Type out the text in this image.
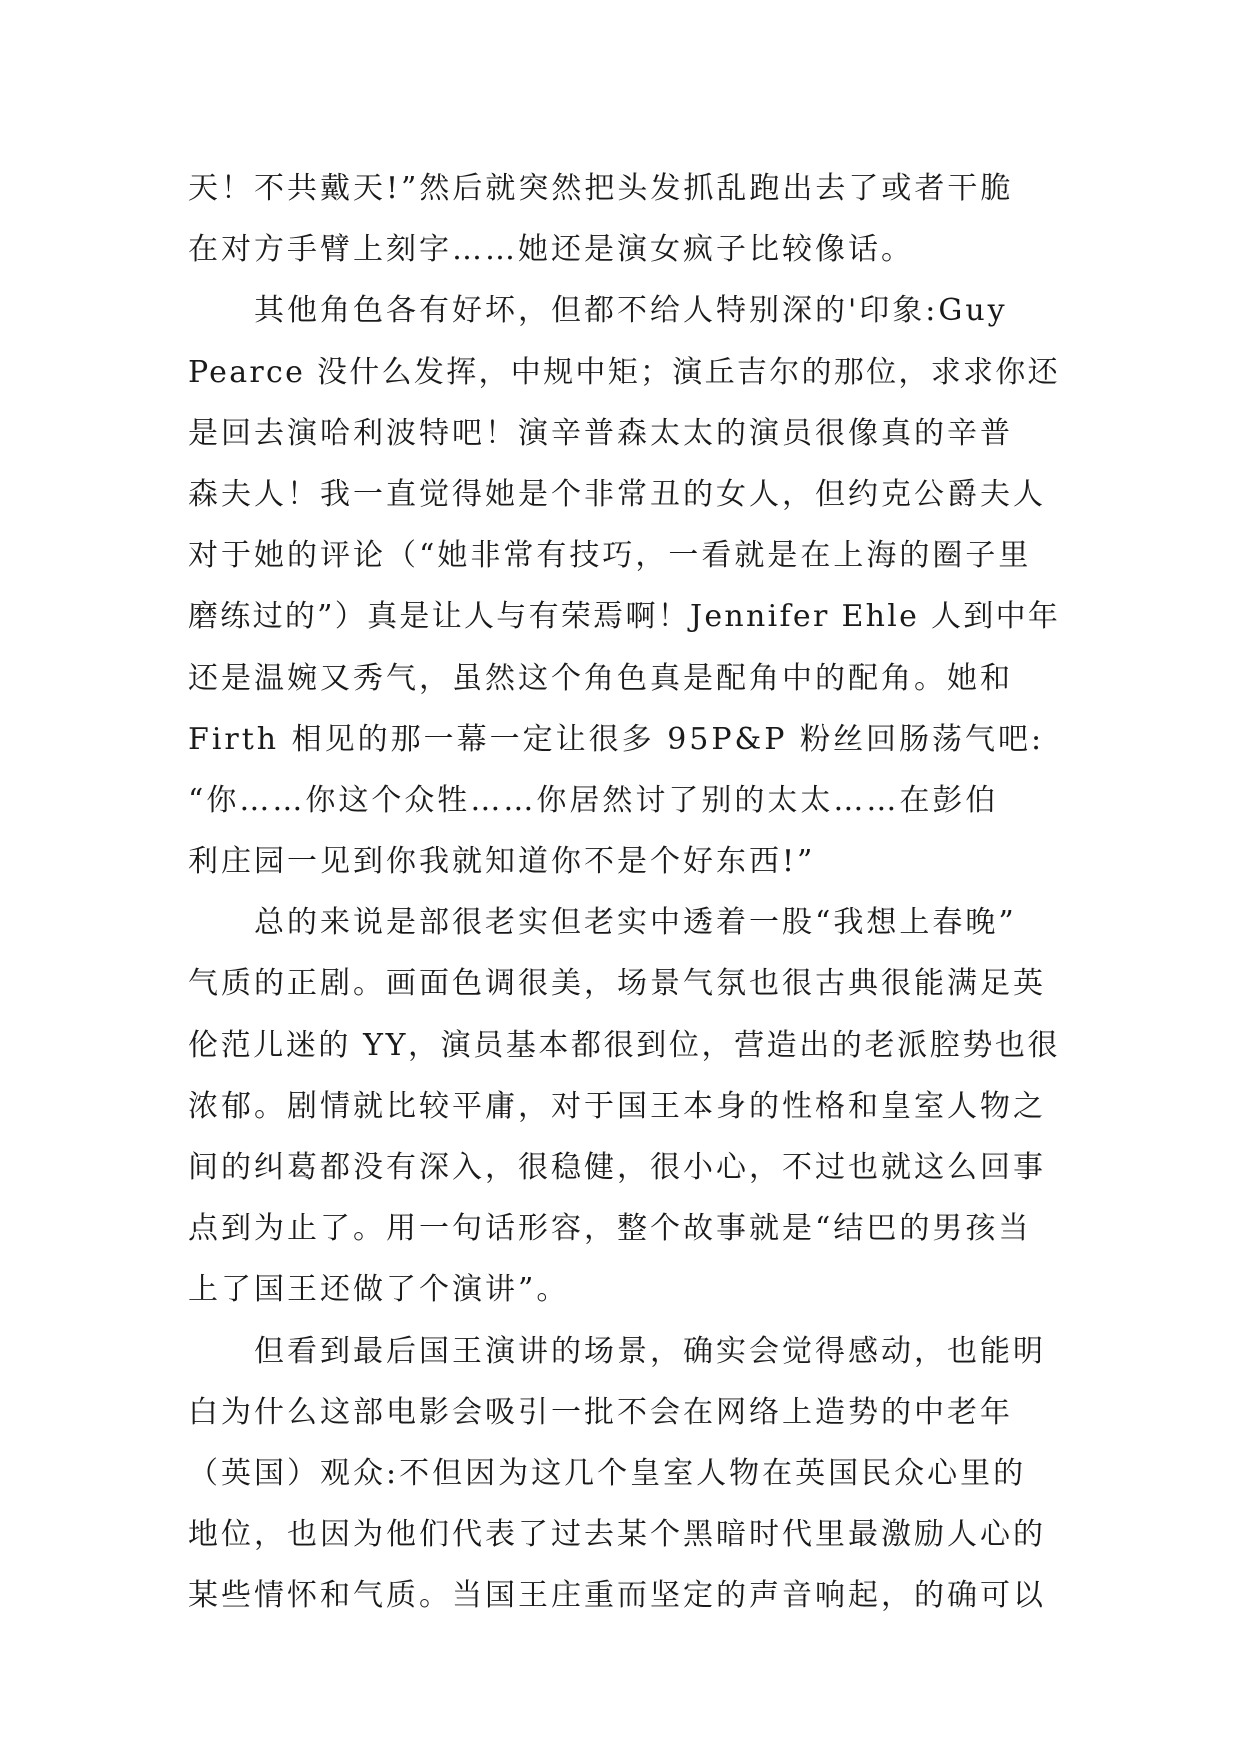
天！不共戴天!”然后就突然把头发抓乱跑出去了或者干脆
在对方手臂上刻字……她还是演女疯子比较像话。
其他角色各有好坏，但都不给人特别深的'印象:Guy
Pearce 没什么发挥，中规中矩；演丘吉尔的那位，求求你还
是回去演哈利波特吧！演辛普森太太的演员很像真的辛普
森夫人！我一直觉得她是个非常丑的女人，但约克公爵夫人
对于她的评论（“她非常有技巧，一看就是在上海的圈子里
磨练过的”）真是让人与有荣焉啊！Jennifer Ehle 人到中年
还是温婉又秀气，虽然这个角色真是配角中的配角。她和
Firth 相见的那一幕一定让很多 95P&P 粉丝回肠荡气吧:
“你……你这个众牲……你居然讨了别的太太……在彭伯
利庄园一见到你我就知道你不是个好东西!”
总的来说是部很老实但老实中透着一股“我想上春晚”
气质的正剧。画面色调很美，场景气氛也很古典很能满足英
伦范儿迷的 YY，演员基本都很到位，营造出的老派腔势也很
浓郁。剧情就比较平庸，对于国王本身的性格和皇室人物之
间的纠葛都没有深入，很稳健，很小心，不过也就这么回事
点到为止了。用一句话形容，整个故事就是“结巴的男孩当
上了国王还做了个演讲”。
但看到最后国王演讲的场景，确实会觉得感动，也能明
白为什么这部电影会吸引一批不会在网络上造势的中老年
（英国）观众:不但因为这几个皇室人物在英国民众心里的
地位，也因为他们代表了过去某个黑暗时代里最激励人心的
某些情怀和气质。当国王庄重而坚定的声音响起，的确可以
